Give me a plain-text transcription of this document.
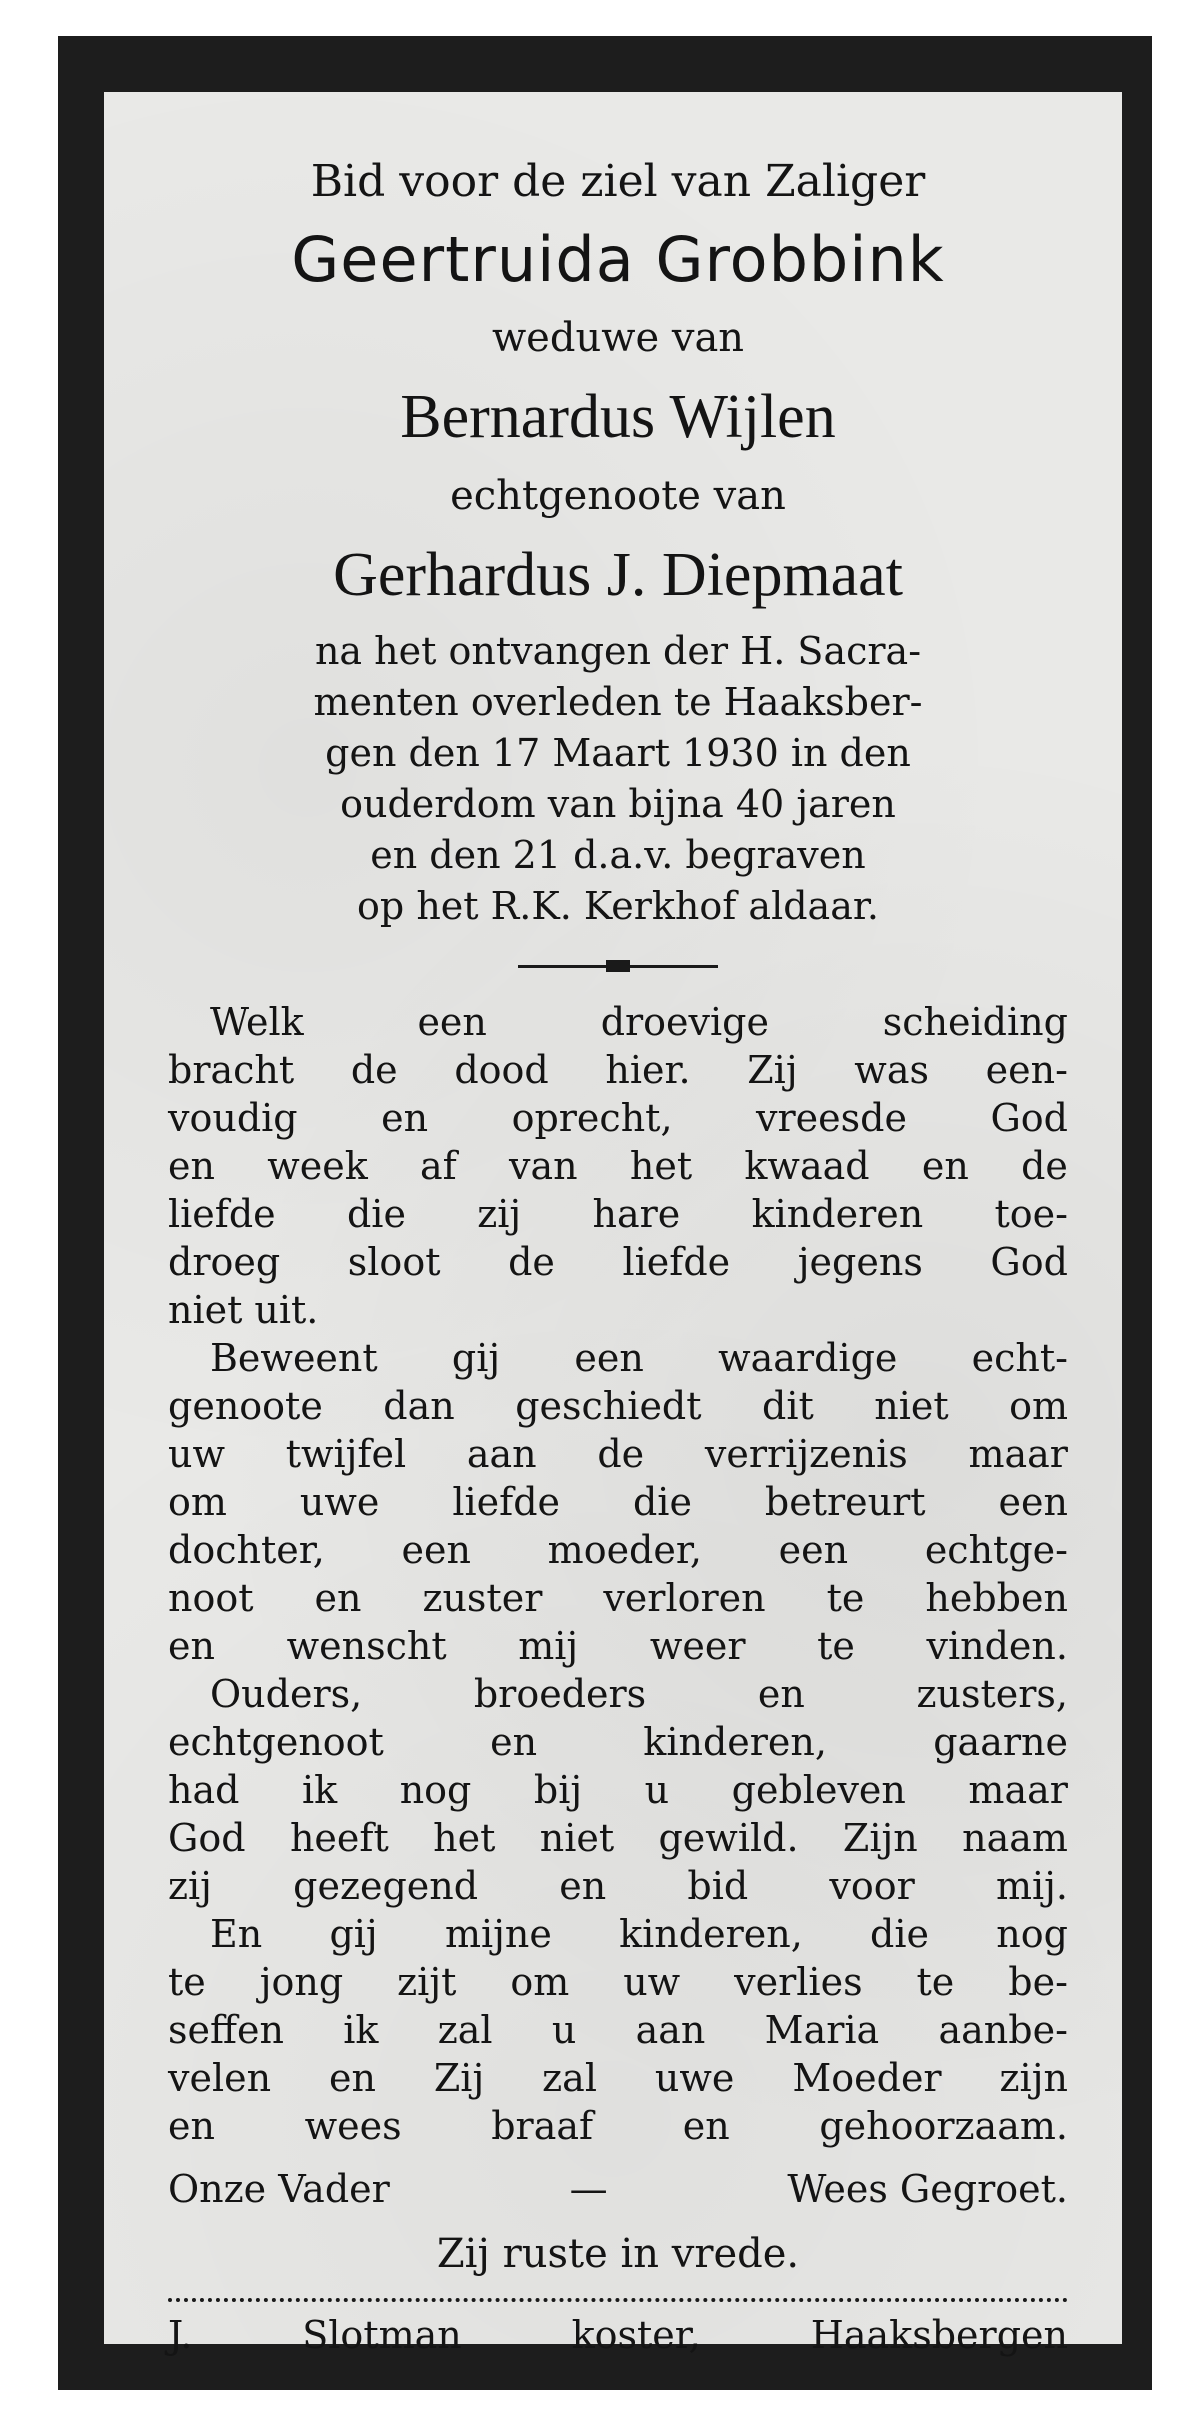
Bid voor de ziel van Zaliger

Geertruida Grobbink

weduwe van

Bernardus Wijlen

echtgenoote van

Gerhardus J. Diepmaat

na het ontvangen der H. Sacra-
menten overleden te Haaksber-
gen den 17 Maart 1930 in den
ouderdom van bijna 40 jaren
en den 21 d.a.v. begraven
op het R.K. Kerkhof aldaar.
Welk	een	droevige	scheiding
bracht de dood hier. Zij was een-
voudig en oprecht, vreesde God
en week af van het kwaad en de
liefde die zij hare kinderen toe-
droeg sloot de liefde jegens God
niet uit.
Beweent gij een waardige echt-
genoote dan geschiedt dit niet om
uw twijfel aan de verrijzenis maar
om uwe liefde die betreurt een
dochter, een moeder, een echtge-
noot en zuster verloren te hebben
en wenscht mij weer te vinden.
Ouders,	broeders	en	zusters,
echtgenoot	en	kinderen,	gaarne
had ik nog bij u gebleven maar
God heeft het niet gewild. Zijn naam
zij gezegend en bid voor mij.
En gij mijne kinderen, die nog
te jong zijt om uw verlies te be-
seffen ik zal u aan Maria aanbe-
velen en Zij zal uwe Moeder zijn
en wees braaf en gehoorzaam.
Onze Vader	—	Wees Gegroet.
Zij ruste in vrede.
J.	Slotman	koster,	Haaksbergen
